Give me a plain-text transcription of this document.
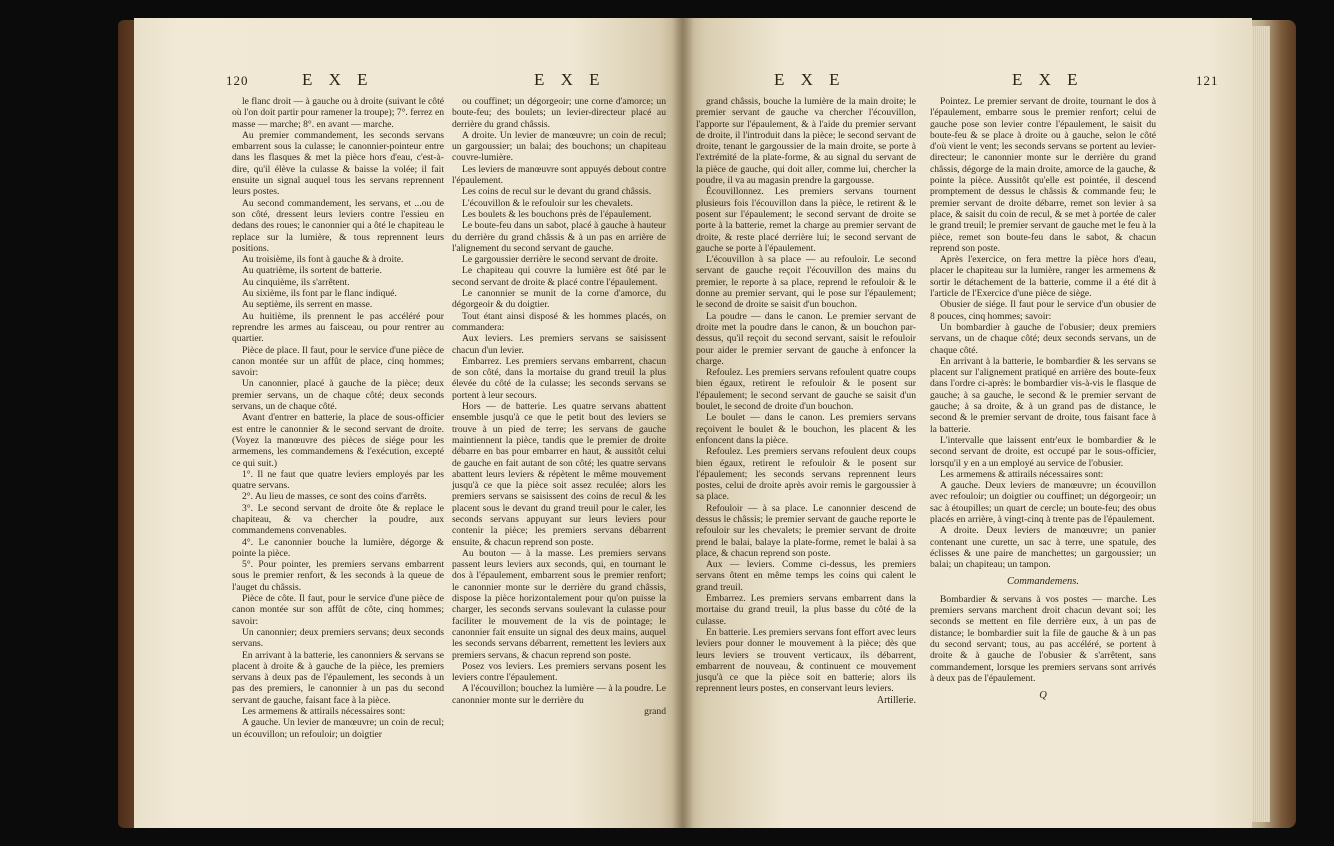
120	E X E	E X E

le flanc droit — à gauche ou à droite (suivant le côté où l'on doit partir pour ramener la troupe); 7°. ferrez en masse — marche; 8°. en avant — marche.

Au premier commandement, les seconds servans embarrent sous la culasse; le canonnier-pointeur entre dans les flasques & met la pièce hors d'eau, c'est-à-dire, qu'il élève la culasse & baisse la volée; il fait ensuite un signal auquel tous les servans reprennent leurs postes.

Au second commandement, les servans, et ...ou de son côté, dressent leurs leviers contre l'essieu en dedans des roues; le canonnier qui a ôté le chapiteau le replace sur la lumière, & tous reprennent leurs positions.

Au troisième, ils font à gauche & à droite.

Au quatrième, ils sortent de batterie.

Au cinquième, ils s'arrêtent.

Au sixième, ils font par le flanc indiqué.

Au septième, ils serrent en masse.

Au huitième, ils prennent le pas accéléré pour reprendre les armes au faisceau, ou pour rentrer au quartier.

Pièce de place. Il faut, pour le service d'une pièce de canon montée sur un affût de place, cinq hommes; savoir:

Un canonnier, placé à gauche de la pièce; deux premier servans, un de chaque côté; deux seconds servans, un de chaque côté.

Avant d'entrer en batterie, la place de sous-officier est entre le canonnier & le second servant de droite. (Voyez la manœuvre des pièces de siége pour les armemens, les commandemens & l'exécution, excepté ce qui suit.)

1°. Il ne faut que quatre leviers employés par les quatre servans.

2°. Au lieu de masses, ce sont des coins d'arrêts.

3°. Le second servant de droite ôte & replace le chapiteau, & va chercher la poudre, aux commandemens convenables.

4°. Le canonnier bouche la lumière, dégorge & pointe la pièce.

5°. Pour pointer, les premiers servans embarrent sous le premier renfort, & les seconds à la queue de l'auget du châssis.

Pièce de côte. Il faut, pour le service d'une pièce de canon montée sur son affût de côte, cinq hommes; savoir:

Un canonnier; deux premiers servans; deux seconds servans.

En arrivant à la batterie, les canonniers & servans se placent à droite & à gauche de la pièce, les premiers servans à deux pas de l'épaulement, les seconds à un pas des premiers, le canonnier à un pas du second servant de gauche, faisant face à la pièce.

Les armemens & attirails nécessaires sont:

A gauche. Un levier de manœuvre; un coin de recul; un écouvillon; un refouloir; un doigtier

ou couffinet; un dégorgeoir; une corne d'amorce; un boute-feu; des boulets; un levier-directeur placé au derrière du grand châssis.

A droite. Un levier de manœuvre; un coin de recul; un gargoussier; un balai; des bouchons; un chapiteau couvre-lumière.

Les leviers de manœuvre sont appuyés debout contre l'épaulement.

Les coins de recul sur le devant du grand châssis.

L'écouvillon & le refouloir sur les chevalets.

Les boulets & les bouchons près de l'épaulement.

Le boute-feu dans un sabot, placé à gauche à hauteur du derrière du grand châssis & à un pas en arrière de l'alignement du second servant de gauche.

Le gargoussier derrière le second servant de droite.

Le chapiteau qui couvre la lumière est ôté par le second servant de droite & placé contre l'épaulement.

Le canonnier se munit de la corne d'amorce, du dégorgeoir & du doigtier.

Tout étant ainsi disposé & les hommes placés, on commandera:

Aux leviers. Les premiers servans se saisissent chacun d'un levier.

Embarrez. Les premiers servans embarrent, chacun de son côté, dans la mortaise du grand treuil la plus élevée du côté de la culasse; les seconds servans se portent à leur secours.

Hors — de batterie. Les quatre servans abattent ensemble jusqu'à ce que le petit bout des leviers se trouve à un pied de terre; les servans de gauche maintiennent la pièce, tandis que le premier de droite débarre en bas pour embarrer en haut, & aussitôt celui de gauche en fait autant de son côté; les quatre servans abattent leurs leviers & répètent le même mouvement jusqu'à ce que la pièce soit assez reculée; alors les premiers servans se saisissent des coins de recul & les placent sous le devant du grand treuil pour le caler, les seconds servans appuyant sur leurs leviers pour contenir la pièce; les premiers servans débarrent ensuite, & chacun reprend son poste.

Au bouton — à la masse. Les premiers servans passent leurs leviers aux seconds, qui, en tournant le dos à l'épaulement, embarrent sous le premier renfort; le canonnier monte sur le derrière du grand châssis, dispose la pièce horizontalement pour qu'on puisse la charger, les seconds servans soulevant la culasse pour faciliter le mouvement de la vis de pointage; le canonnier fait ensuite un signal des deux mains, auquel les seconds servans débarrent, remettent les leviers aux premiers servans, & chacun reprend son poste.

Posez vos leviers. Les premiers servans posent les leviers contre l'épaulement.

A l'écouvillon; bouchez la lumière — à la poudre. Le canonnier monte sur le derrière du

grand

E X E	E X E	121

grand châssis, bouche la lumière de la main droite; le premier servant de gauche va chercher l'écouvillon, l'apporte sur l'épaulement, & à l'aide du premier servant de droite, il l'introduit dans la pièce; le second servant de droite, tenant le gargoussier de la main droite, se porte à l'extrémité de la plate-forme, & au signal du servant de la pièce de gauche, qui doit aller, comme lui, chercher la poudre, il va au magasin prendre la gargousse.

Écouvillonnez. Les premiers servans tournent plusieurs fois l'écouvillon dans la pièce, le retirent & le posent sur l'épaulement; le second servant de droite se porte à la batterie, remet la charge au premier servant de droite, & reste placé derrière lui; le second servant de gauche se porte à l'épaulement.

L'écouvillon à sa place — au refouloir. Le second servant de gauche reçoit l'écouvillon des mains du premier, le reporte à sa place, reprend le refouloir & le donne au premier servant, qui le pose sur l'épaulement; le second de droite se saisit d'un bouchon.

La poudre — dans le canon. Le premier servant de droite met la poudre dans le canon, & un bouchon par-dessus, qu'il reçoit du second servant, saisit le refouloir pour aider le premier servant de gauche à enfoncer la charge.

Refoulez. Les premiers servans refoulent quatre coups bien égaux, retirent le refouloir & le posent sur l'épaulement; le second servant de gauche se saisit d'un boulet, le second de droite d'un bouchon.

Le boulet — dans le canon. Les premiers servans reçoivent le boulet & le bouchon, les placent & les enfoncent dans la pièce.

Refoulez. Les premiers servans refoulent deux coups bien égaux, retirent le refouloir & le posent sur l'épaulement; les seconds servans reprennent leurs postes, celui de droite après avoir remis le gargoussier à sa place.

Refouloir — à sa place. Le canonnier descend de dessus le châssis; le premier servant de gauche reporte le refouloir sur les chevalets; le premier servant de droite prend le balai, balaye la plate-forme, remet le balai à sa place, & chacun reprend son poste.

Aux — leviers. Comme ci-dessus, les premiers servans ôtent en même temps les coins qui calent le grand treuil.

Embarrez. Les premiers servans embarrent dans la mortaise du grand treuil, la plus basse du côté de la culasse.

En batterie. Les premiers servans font effort avec leurs leviers pour donner le mouvement à la pièce; dès que leurs leviers se trouvent verticaux, ils débarrent, embarrent de nouveau, & continuent ce mouvement jusqu'à ce que la pièce soit en batterie; alors ils reprennent leurs postes, en conservant leurs leviers.

Artillerie.

Pointez. Le premier servant de droite, tournant le dos à l'épaulement, embarre sous le premier renfort; celui de gauche pose son levier contre l'épaulement, le saisit du boute-feu & se place à droite ou à gauche, selon le côté d'où vient le vent; les seconds servans se portent au levier-directeur; le canonnier monte sur le derrière du grand châssis, dégorge de la main droite, amorce de la gauche, & pointe la pièce. Aussitôt qu'elle est pointée, il descend promptement de dessus le châssis & commande feu; le premier servant de droite débarre, remet son levier à sa place, & saisit du coin de recul, & se met à portée de caler le grand treuil; le premier servant de gauche met le feu à la pièce, remet son boute-feu dans le sabot, & chacun reprend son poste.

Après l'exercice, on fera mettre la pièce hors d'eau, placer le chapiteau sur la lumière, ranger les armemens & sortir le détachement de la batterie, comme il a été dit à l'article de l'Exercice d'une pièce de siège.

Obusier de siége. Il faut pour le service d'un obusier de 8 pouces, cinq hommes; savoir:

Un bombardier à gauche de l'obusier; deux premiers servans, un de chaque côté; deux seconds servans, un de chaque côté.

En arrivant à la batterie, le bombardier & les servans se placent sur l'alignement pratiqué en arrière des boute-feux dans l'ordre ci-après: le bombardier vis-à-vis le flasque de gauche; à sa gauche, le second & le premier servant de gauche; à sa droite, & à un grand pas de distance, le second & le premier servant de droite, tous faisant face à la batterie.

L'intervalle que laissent entr'eux le bombardier & le second servant de droite, est occupé par le sous-officier, lorsqu'il y en a un employé au service de l'obusier.

Les armemens & attirails nécessaires sont:

A gauche. Deux leviers de manœuvre; un écouvillon avec refouloir; un doigtier ou couffinet; un dégorgeoir; un sac à étoupilles; un quart de cercle; un boute-feu; des obus placés en arrière, à vingt-cinq à trente pas de l'épaulement.

A droite. Deux leviers de manœuvre; un panier contenant une curette, un sac à terre, une spatule, des éclisses & une paire de manchettes; un gargoussier; un balai; un chapiteau; un tampon.

Commandemens.

Bombardier & servans à vos postes — marche. Les premiers servans marchent droit chacun devant soi; les seconds se mettent en file derrière eux, à un pas de distance; le bombardier suit la file de gauche & à un pas du second servant; tous, au pas accéléré, se portent à droite & à gauche de l'obusier & s'arrêtent, sans commandement, lorsque les premiers servans sont arrivés à deux pas de l'épaulement.

Q
